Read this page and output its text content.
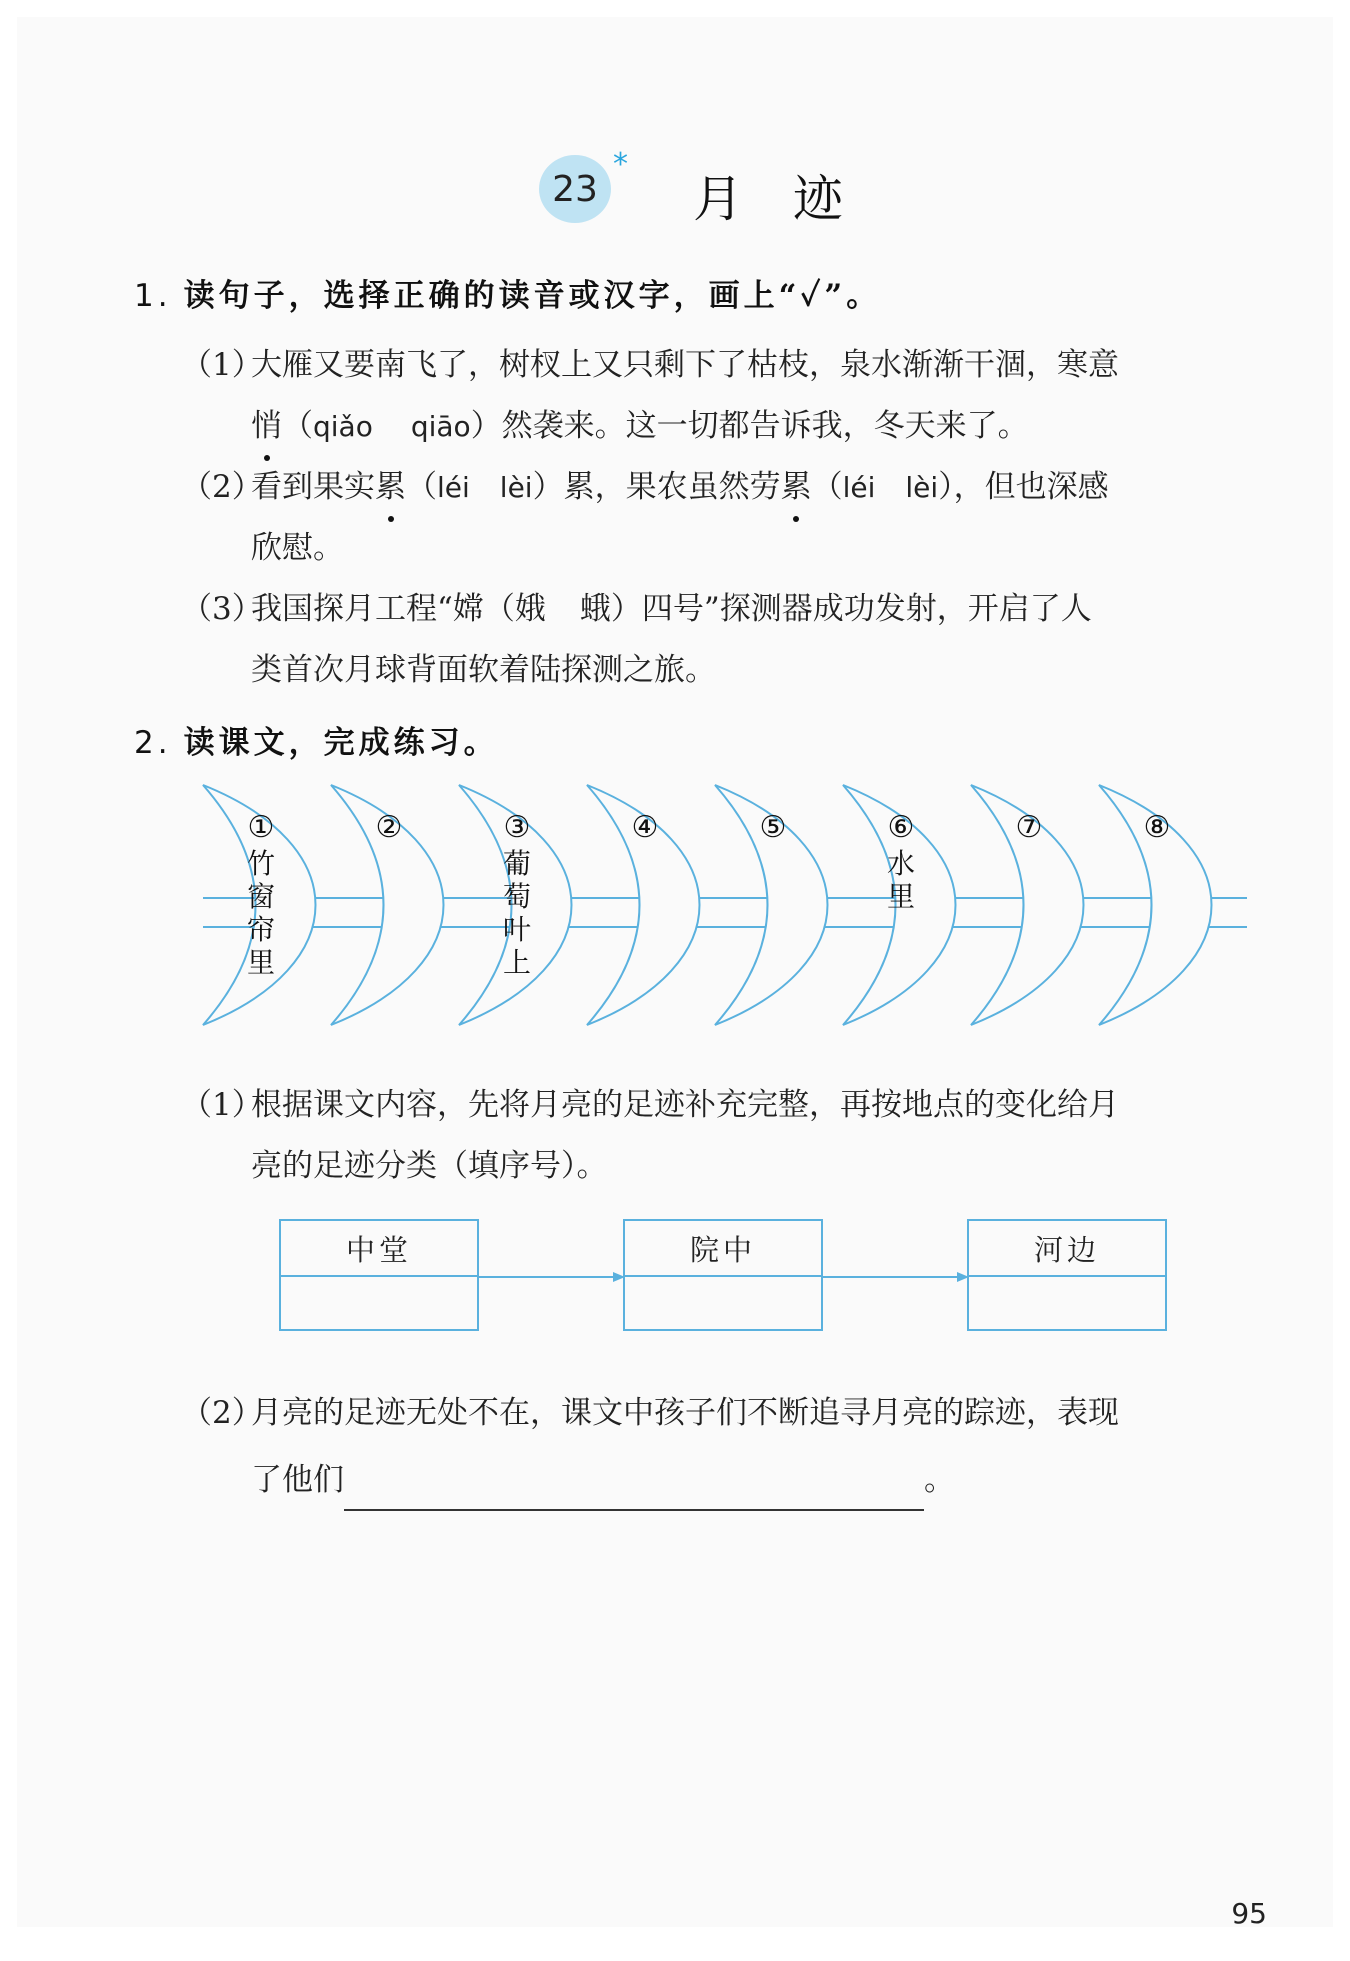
23
*
月迹
1. 读句子，选择正确的读音或汉字，画上“✓”。
（1）大雁又要南飞了，树杈上又只剩下了枯枝，泉水渐渐干涸，寒意
悄（qiǎo qiāo）然袭来。这一切都告诉我，冬天来了。
（2）看到果实累（léi lèi）累，果农虽然劳累（léi lèi），但也深感
欣慰。
（3）我国探月工程“嫦（娥 蛾）四号”探测器成功发射，开启了人
类首次月球背面软着陆探测之旅。
2. 读课文，完成练习。
①
竹
窗
帘
里
②	③
葡
萄
叶
上
④	⑤	⑥
水
里
⑦	⑧
（1）根据课文内容，先将月亮的足迹补充完整，再按地点的变化给月
亮的足迹分类（填序号）。
中堂	院中	河边
（2）月亮的足迹无处不在，课文中孩子们不断追寻月亮的踪迹，表现
了他们	。
95
